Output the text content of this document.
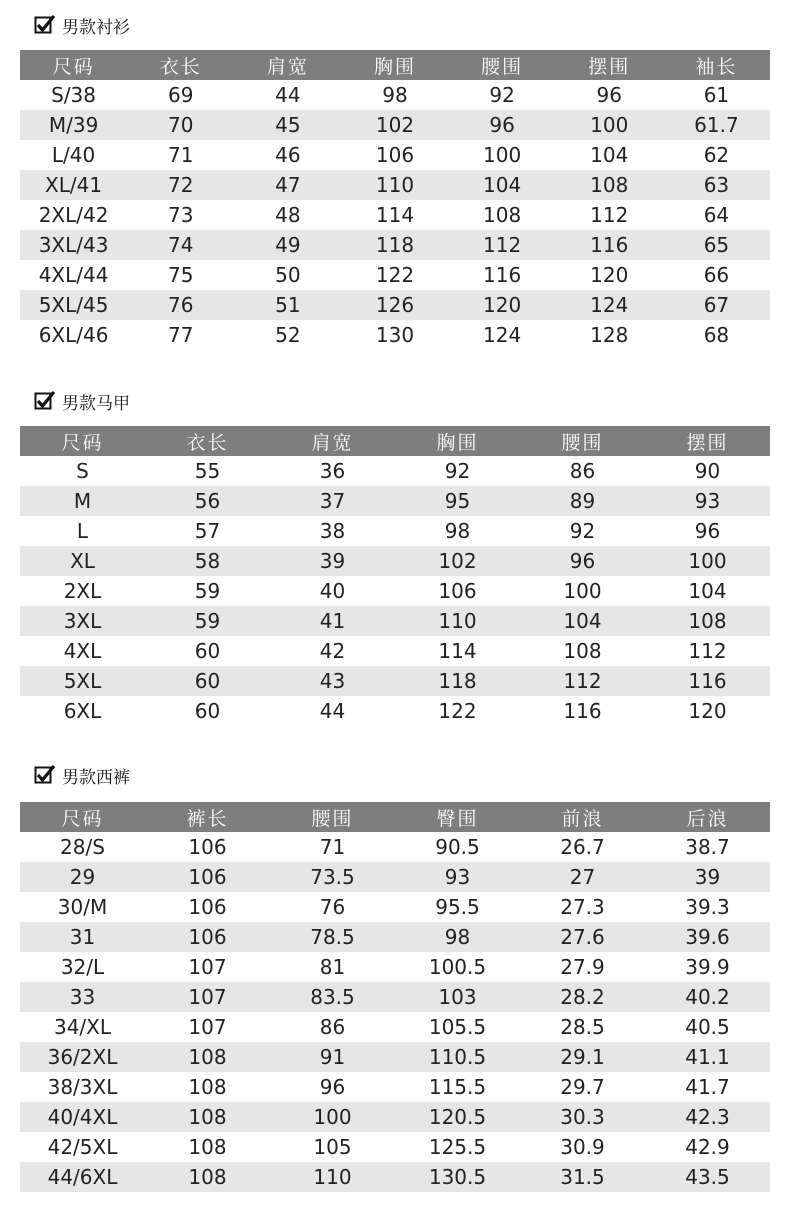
男款衬衫
尺码	衣长	肩宽	胸围	腰围	摆围	袖长
S/38	69	44	98	92	96	61
M/39	70	45	102	96	100	61.7
L/40	71	46	106	100	104	62
XL/41	72	47	110	104	108	63
2XL/42	73	48	114	108	112	64
3XL/43	74	49	118	112	116	65
4XL/44	75	50	122	116	120	66
5XL/45	76	51	126	120	124	67
6XL/46	77	52	130	124	128	68
男款马甲
尺码	衣长	肩宽	胸围	腰围	摆围
S	55	36	92	86	90
M	56	37	95	89	93
L	57	38	98	92	96
XL	58	39	102	96	100
2XL	59	40	106	100	104
3XL	59	41	110	104	108
4XL	60	42	114	108	112
5XL	60	43	118	112	116
6XL	60	44	122	116	120
男款西裤
尺码	裤长	腰围	臀围	前浪	后浪
28/S	106	71	90.5	26.7	38.7
29	106	73.5	93	27	39
30/M	106	76	95.5	27.3	39.3
31	106	78.5	98	27.6	39.6
32/L	107	81	100.5	27.9	39.9
33	107	83.5	103	28.2	40.2
34/XL	107	86	105.5	28.5	40.5
36/2XL	108	91	110.5	29.1	41.1
38/3XL	108	96	115.5	29.7	41.7
40/4XL	108	100	120.5	30.3	42.3
42/5XL	108	105	125.5	30.9	42.9
44/6XL	108	110	130.5	31.5	43.5
